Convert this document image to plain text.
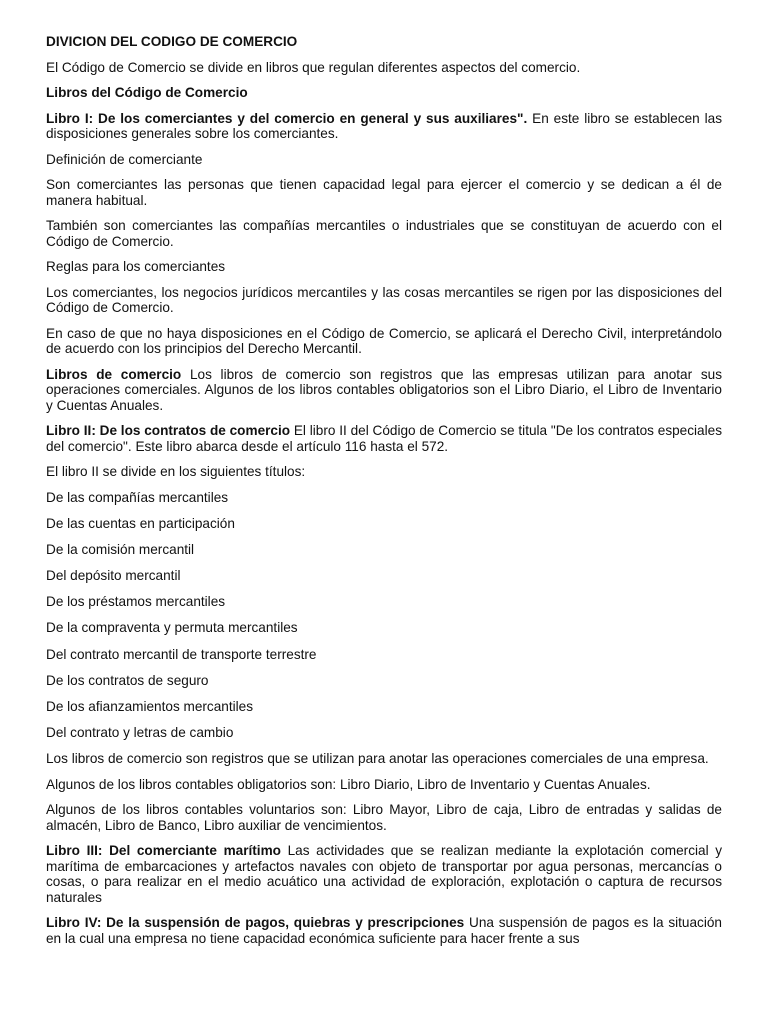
DIVICION DEL CODIGO DE COMERCIO

El Código de Comercio se divide en libros que regulan diferentes aspectos del comercio.

Libros del Código de Comercio

Libro I: De los comerciantes y del comercio en general y sus auxiliares". En este libro se establecen las disposiciones generales sobre los comerciantes.

Definición de comerciante

Son comerciantes las personas que tienen capacidad legal para ejercer el comercio y se dedican a él de manera habitual.

También son comerciantes las compañías mercantiles o industriales que se constituyan de acuerdo con el Código de Comercio.

Reglas para los comerciantes

Los comerciantes, los negocios jurídicos mercantiles y las cosas mercantiles se rigen por las disposiciones del Código de Comercio.

En caso de que no haya disposiciones en el Código de Comercio, se aplicará el Derecho Civil, interpretándolo de acuerdo con los principios del Derecho Mercantil.

Libros de comercio Los libros de comercio son registros que las empresas utilizan para anotar sus operaciones comerciales. Algunos de los libros contables obligatorios son el Libro Diario, el Libro de Inventario y Cuentas Anuales.

Libro II: De los contratos de comercio El libro II del Código de Comercio se titula "De los contratos especiales del comercio". Este libro abarca desde el artículo 116 hasta el 572.

El libro II se divide en los siguientes títulos:

De las compañías mercantiles

De las cuentas en participación

De la comisión mercantil

Del depósito mercantil

De los préstamos mercantiles

De la compraventa y permuta mercantiles

Del contrato mercantil de transporte terrestre

De los contratos de seguro

De los afianzamientos mercantiles

Del contrato y letras de cambio

Los libros de comercio son registros que se utilizan para anotar las operaciones comerciales de una empresa.

Algunos de los libros contables obligatorios son: Libro Diario, Libro de Inventario y Cuentas Anuales.

Algunos de los libros contables voluntarios son: Libro Mayor, Libro de caja, Libro de entradas y salidas de almacén, Libro de Banco, Libro auxiliar de vencimientos.

Libro III: Del comerciante marítimo Las actividades que se realizan mediante la explotación comercial y marítima de embarcaciones y artefactos navales con objeto de transportar por agua personas, mercancías o cosas, o para realizar en el medio acuático una actividad de exploración, explotación o captura de recursos naturales

Libro IV: De la suspensión de pagos, quiebras y prescripciones Una suspensión de pagos es la situación en la cual una empresa no tiene capacidad económica suficiente para hacer frente a sus
